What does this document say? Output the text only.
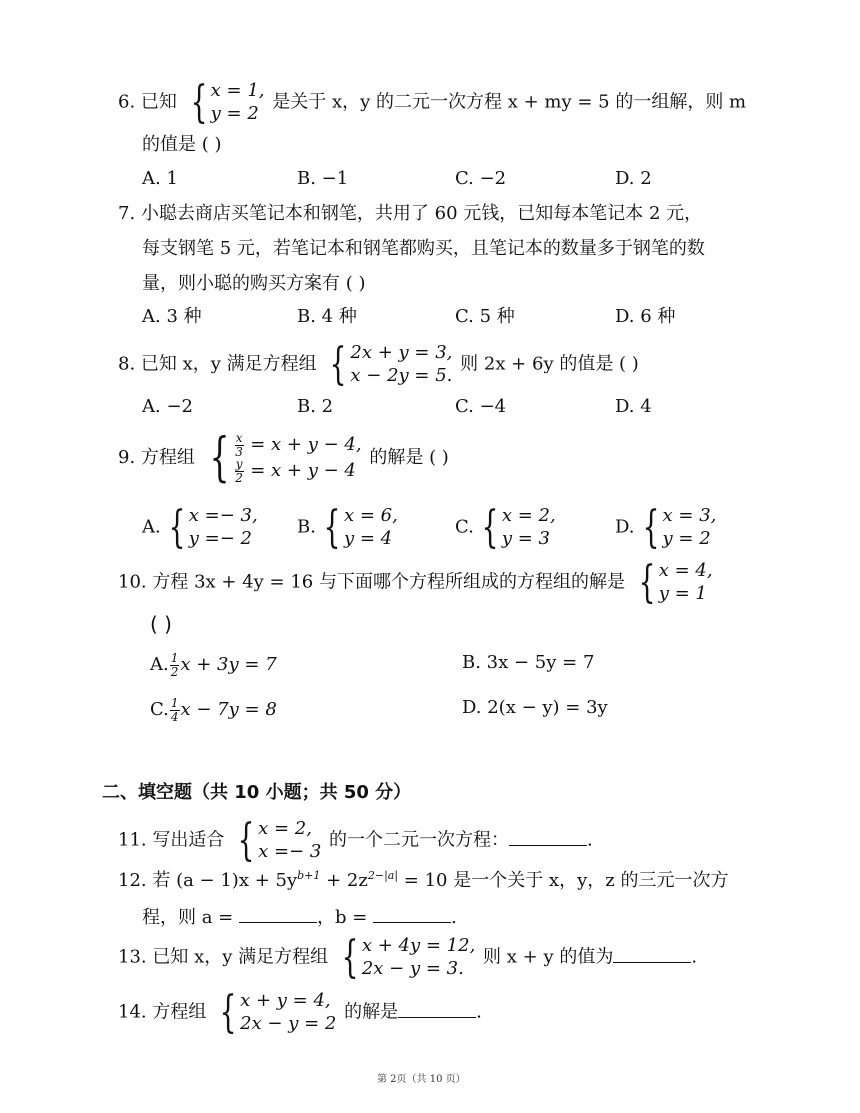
6. 已知 { x = 1,
y = 2
是关于 x，y 的二元一次方程 x + my = 5 的一组解，则 m
的值是 ( )
A. 1	B. −1	C. −2	D. 2
7. 小聪去商店买笔记本和钢笔，共用了 60 元钱，已知每本笔记本 2 元，
每支钢笔 5 元，若笔记本和钢笔都购买，且笔记本的数量多于钢笔的数
量，则小聪的购买方案有 ( )
A. 3 种	B. 4 种	C. 5 种	D. 6 种
8. 已知 x，y 满足方程组 { 2x + y = 3,
x − 2y = 5.
则 2x + 6y 的值是 ( )
A. −2	B. 2	C. −4	D. 4
9. 方程组 { $\frac{x}{3} = x + y - 4$,
$\frac{y}{2} = x + y - 4$
的解是 ( )
A. { x =− 3,
y =− 2
B. { x = 6,
y = 4
C. { x = 2,
y = 3
D. { x = 3,
y = 2
10. 方程 3x + 4y = 16 与下面哪个方程所组成的方程组的解是 { x = 4,
y = 1
( )
A. $\frac{1}{2}$ x + 3y = 7	B. 3x − 5y = 7
C. $\frac{1}{4}$ x − 7y = 8	D. 2(x − y) = 3y
二、填空题（共 10 小题；共 50 分）
11. 写出适合 { x = 2,
x =− 3
的一个二元一次方程：	.
12. 若 $(a - 1)x + 5y^{b+1} + 2z^{2-|a|} = 10$ 是一个关于 x，y，z 的三元一次方
程，则 a =	，b =	.
13. 已知 x，y 满足方程组 { x + 4y = 12,
2x − y = 3.
则 x + y 的值为	.
14. 方程组 { x + y = 4,
2x − y = 2
的解是	.
第 2页（共 10 页）
